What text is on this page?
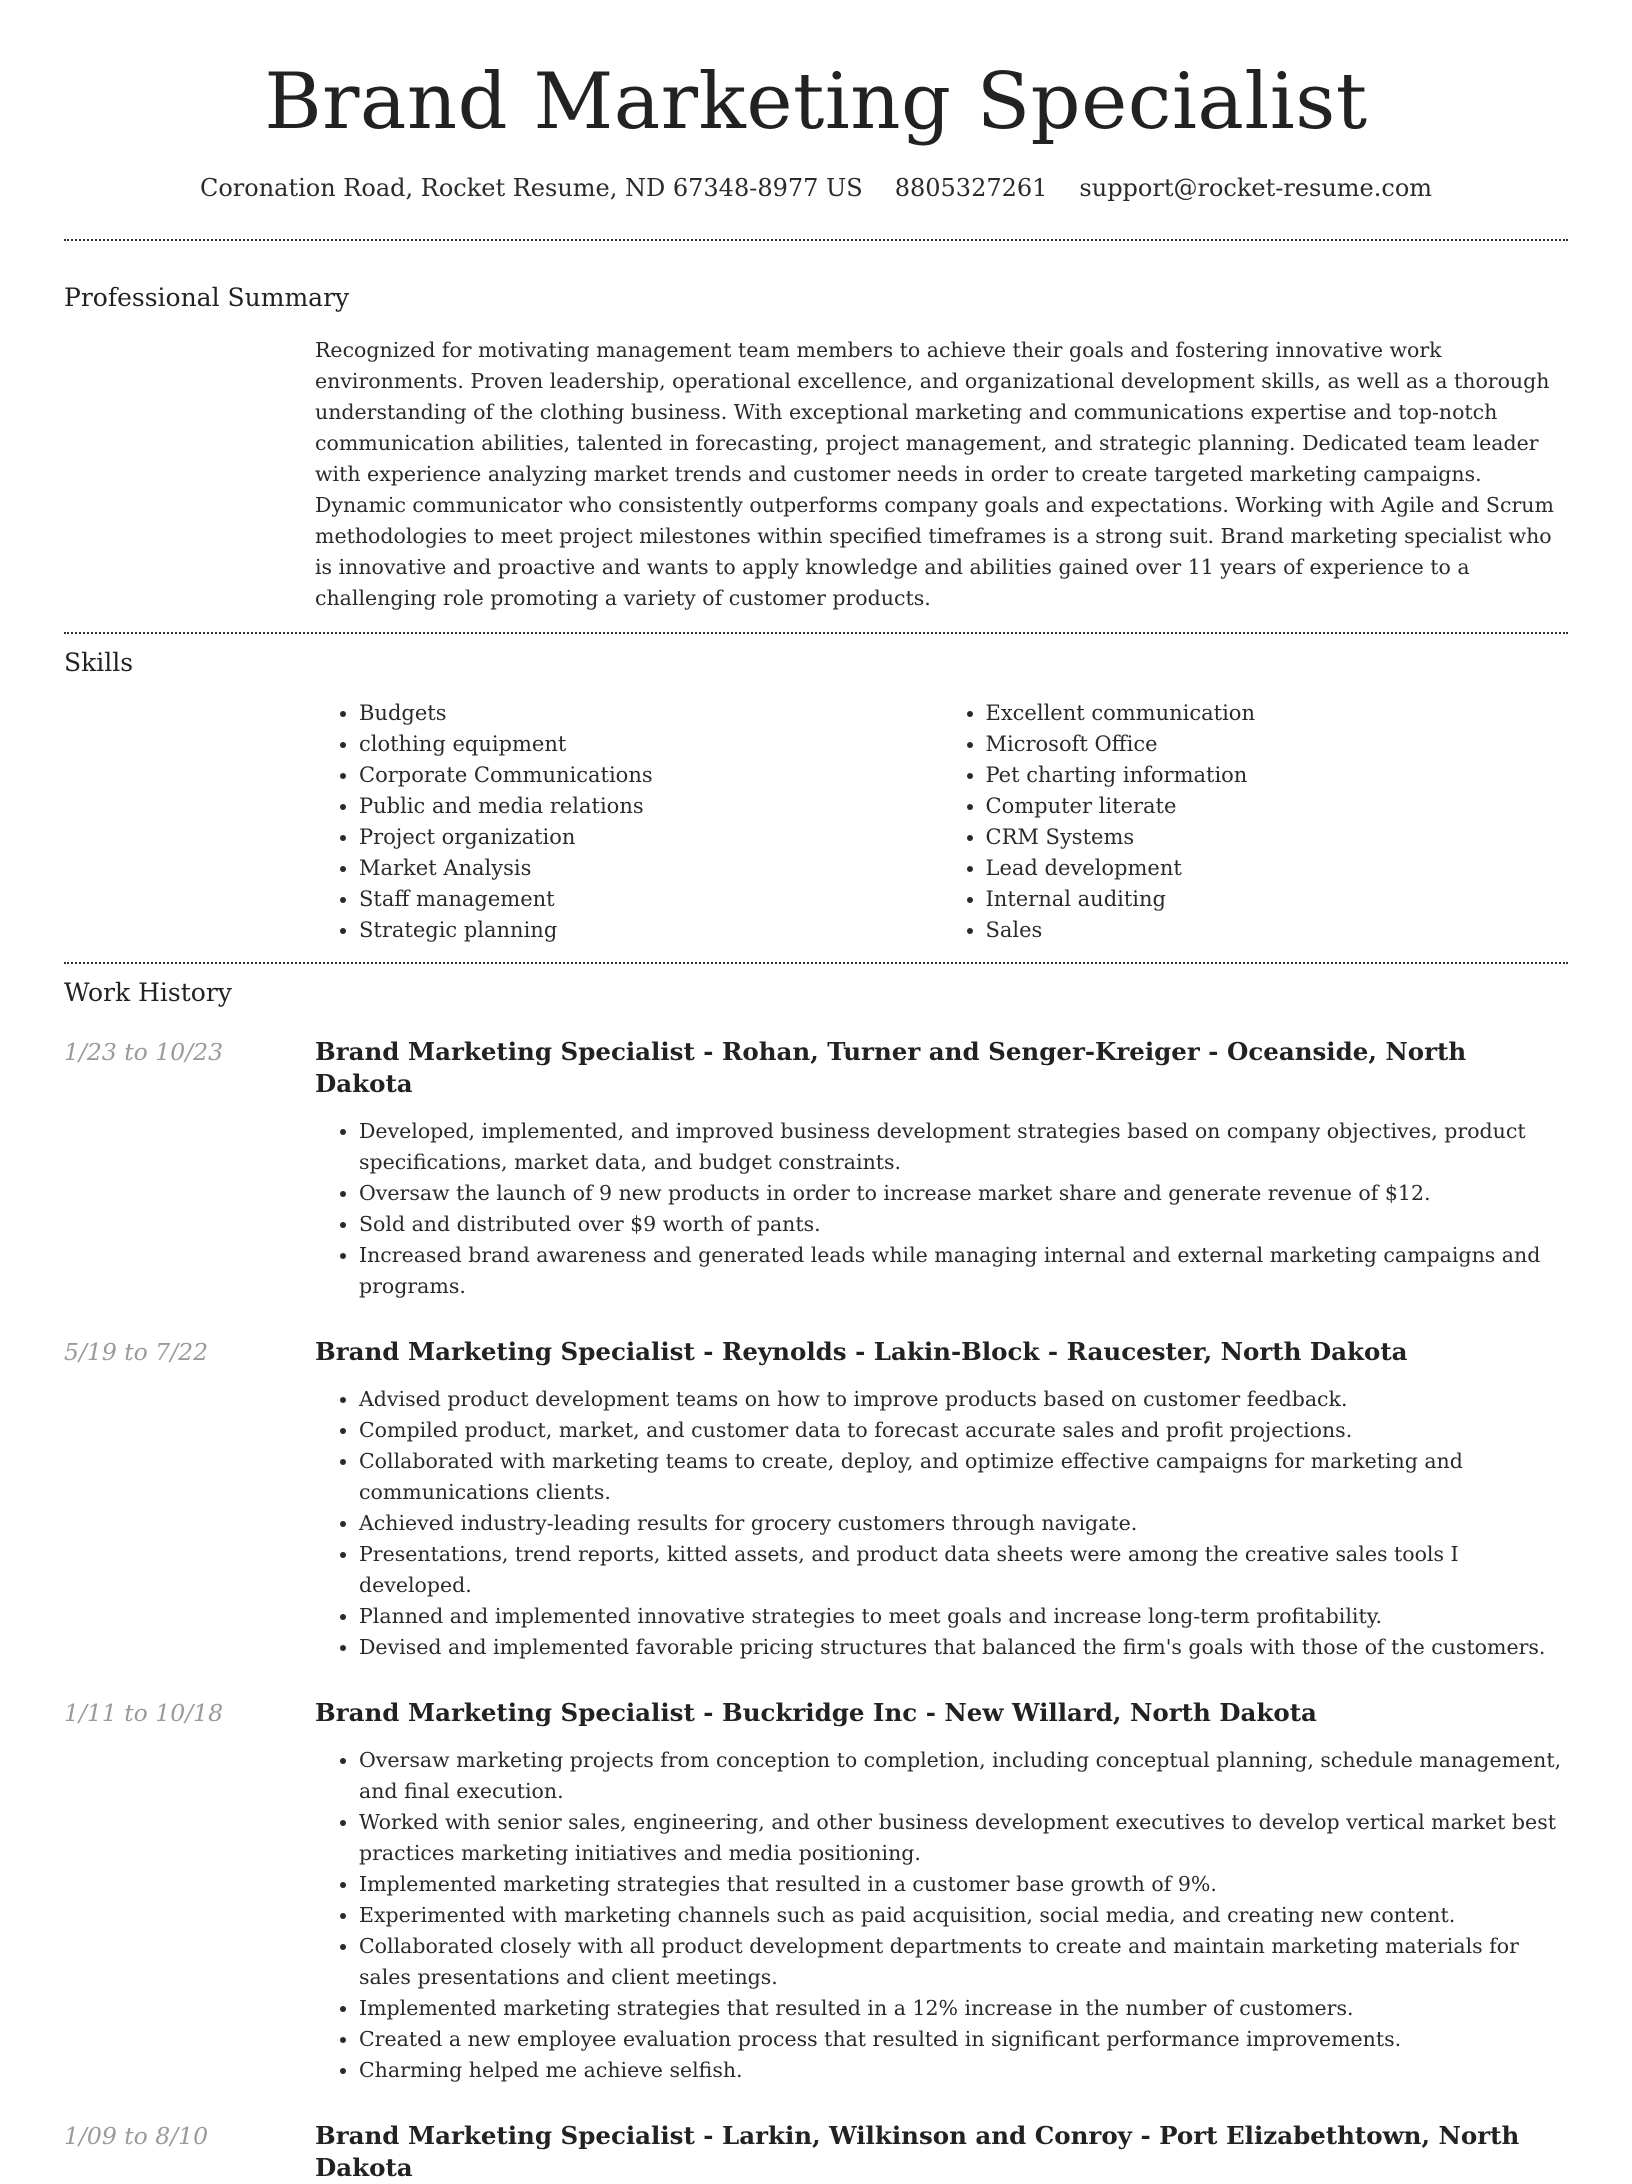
Brand Marketing Specialist
Coronation Road, Rocket Resume, ND 67348-8977 US 8805327261 support@rocket-resume.com
Professional Summary

Recognized for motivating management team members to achieve their goals and fostering innovative work environments. Proven leadership, operational excellence, and organizational development skills, as well as a thorough understanding of the clothing business. With exceptional marketing and communications expertise and top-notch communication abilities, talented in forecasting, project management, and strategic planning. Dedicated team leader with experience analyzing market trends and customer needs in order to create targeted marketing campaigns. Dynamic communicator who consistently outperforms company goals and expectations. Working with Agile and Scrum methodologies to meet project milestones within specified timeframes is a strong suit. Brand marketing specialist who is innovative and proactive and wants to apply knowledge and abilities gained over 11 years of experience to a challenging role promoting a variety of customer products.

Skills
• Budgets
• clothing equipment
• Corporate Communications
• Public and media relations
• Project organization
• Market Analysis
• Staff management
• Strategic planning
• Excellent communication
• Microsoft Office
• Pet charting information
• Computer literate
• CRM Systems
• Lead development
• Internal auditing
• Sales
Work History
1/23 to 10/23	Brand Marketing Specialist - Rohan, Turner and Senger-Kreiger - Oceanside, North Dakota
• Developed, implemented, and improved business development strategies based on company objectives, product specifications, market data, and budget constraints.
• Oversaw the launch of 9 new products in order to increase market share and generate revenue of $12.
• Sold and distributed over $9 worth of pants.
• Increased brand awareness and generated leads while managing internal and external marketing campaigns and programs.
5/19 to 7/22	Brand Marketing Specialist - Reynolds - Lakin-Block - Raucester, North Dakota
• Advised product development teams on how to improve products based on customer feedback.
• Compiled product, market, and customer data to forecast accurate sales and profit projections.
• Collaborated with marketing teams to create, deploy, and optimize effective campaigns for marketing and communications clients.
• Achieved industry-leading results for grocery customers through navigate.
• Presentations, trend reports, kitted assets, and product data sheets were among the creative sales tools I developed.
• Planned and implemented innovative strategies to meet goals and increase long-term profitability.
• Devised and implemented favorable pricing structures that balanced the firm's goals with those of the customers.
1/11 to 10/18	Brand Marketing Specialist - Buckridge Inc - New Willard, North Dakota
• Oversaw marketing projects from conception to completion, including conceptual planning, schedule management, and final execution.
• Worked with senior sales, engineering, and other business development executives to develop vertical market best practices marketing initiatives and media positioning.
• Implemented marketing strategies that resulted in a customer base growth of 9%.
• Experimented with marketing channels such as paid acquisition, social media, and creating new content.
• Collaborated closely with all product development departments to create and maintain marketing materials for sales presentations and client meetings.
• Implemented marketing strategies that resulted in a 12% increase in the number of customers.
• Created a new employee evaluation process that resulted in significant performance improvements.
• Charming helped me achieve selfish.
1/09 to 8/10	Brand Marketing Specialist - Larkin, Wilkinson and Conroy - Port Elizabethtown, North Dakota
